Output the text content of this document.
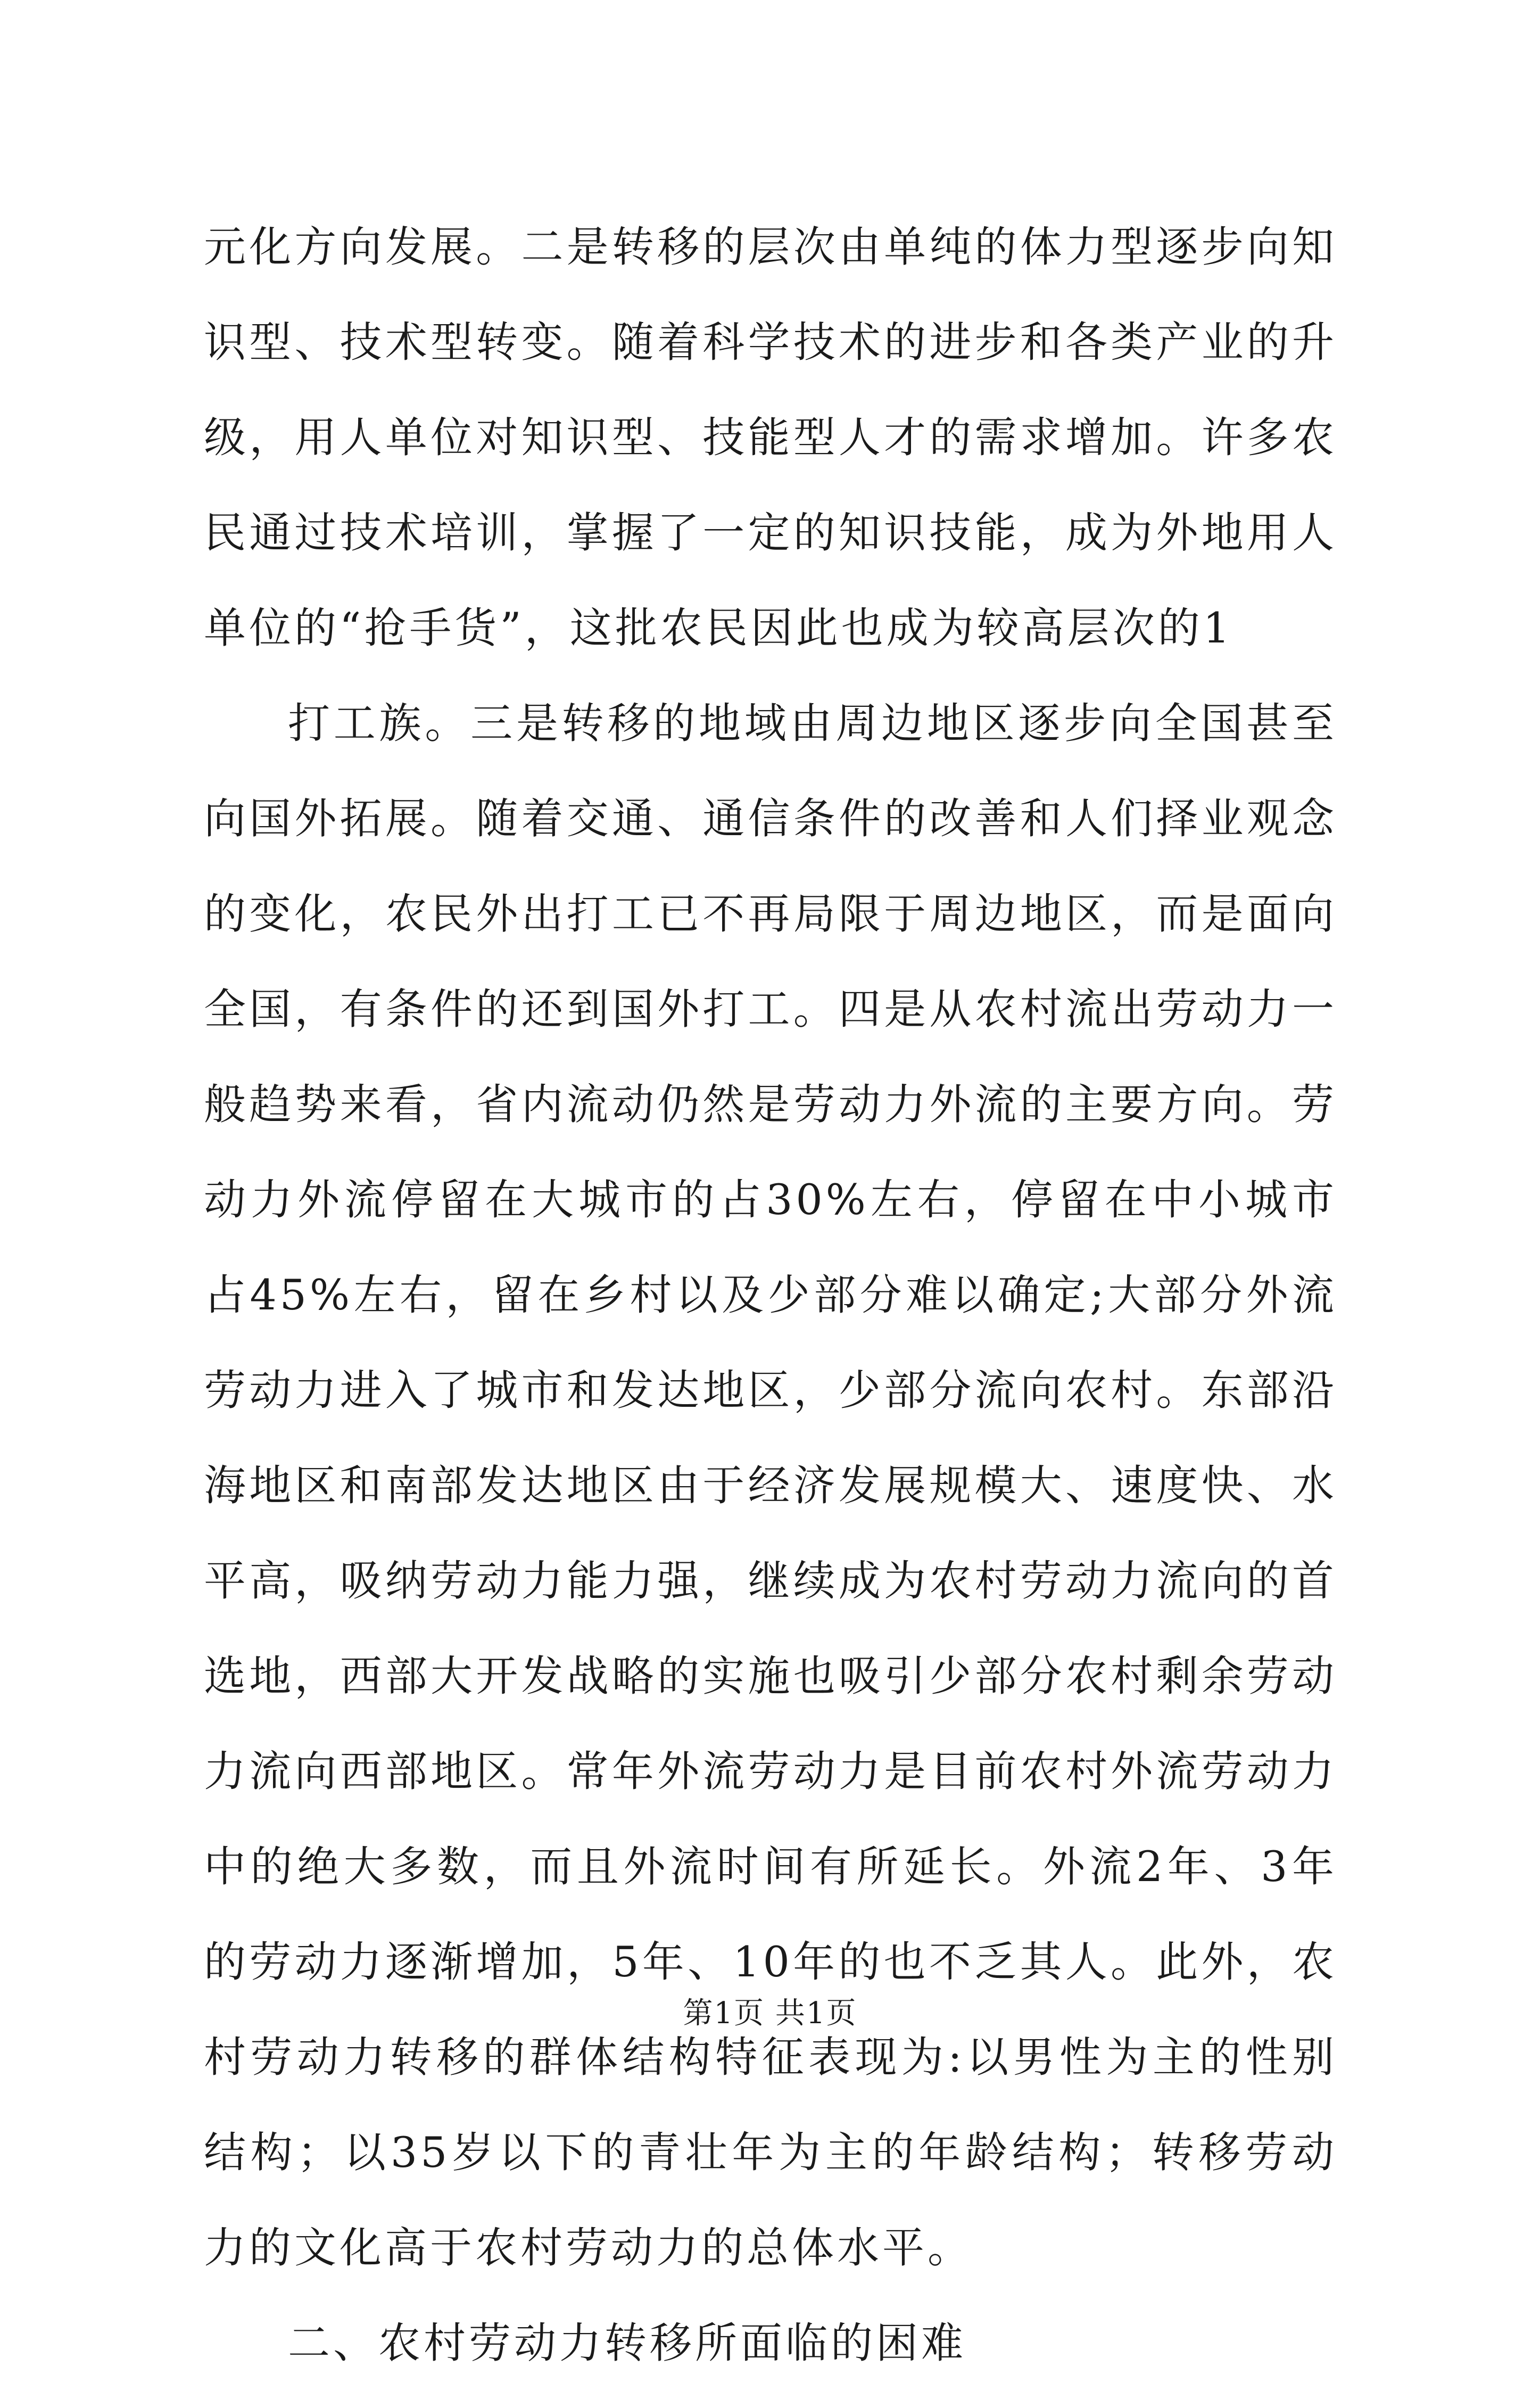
元化方向发展。二是转移的层次由单纯的体力型逐步向知识型、技术型转变。随着科学技术的进步和各类产业的升级，用人单位对知识型、技能型人才的需求增加。许多农民通过技术培训，掌握了一定的知识技能，成为外地用人单位的“抢手货”，这批农民因此也成为较高层次的1

打工族。三是转移的地域由周边地区逐步向全国甚至向国外拓展。随着交通、通信条件的改善和人们择业观念的变化，农民外出打工已不再局限于周边地区，而是面向全国，有条件的还到国外打工。四是从农村流出劳动力一般趋势来看，省内流动仍然是劳动力外流的主要方向。劳动力外流停留在大城市的占30%左右，停留在中小城市占45%左右，留在乡村以及少部分难以确定;大部分外流劳动力进入了城市和发达地区，少部分流向农村。东部沿海地区和南部发达地区由于经济发展规模大、速度快、水平高，吸纳劳动力能力强，继续成为农村劳动力流向的首选地，西部大开发战略的实施也吸引少部分农村剩余劳动力流向西部地区。常年外流劳动力是目前农村外流劳动力中的绝大多数，而且外流时间有所延长。外流2年、3年的劳动力逐渐增加，5年、10年的也不乏其人。此外，农村劳动力转移的群体结构特征表现为:以男性为主的性别结构；以35岁以下的青壮年为主的年龄结构；转移劳动力的文化高于农村劳动力的总体水平。

二、农村劳动力转移所面临的困难

第1页 共1页
